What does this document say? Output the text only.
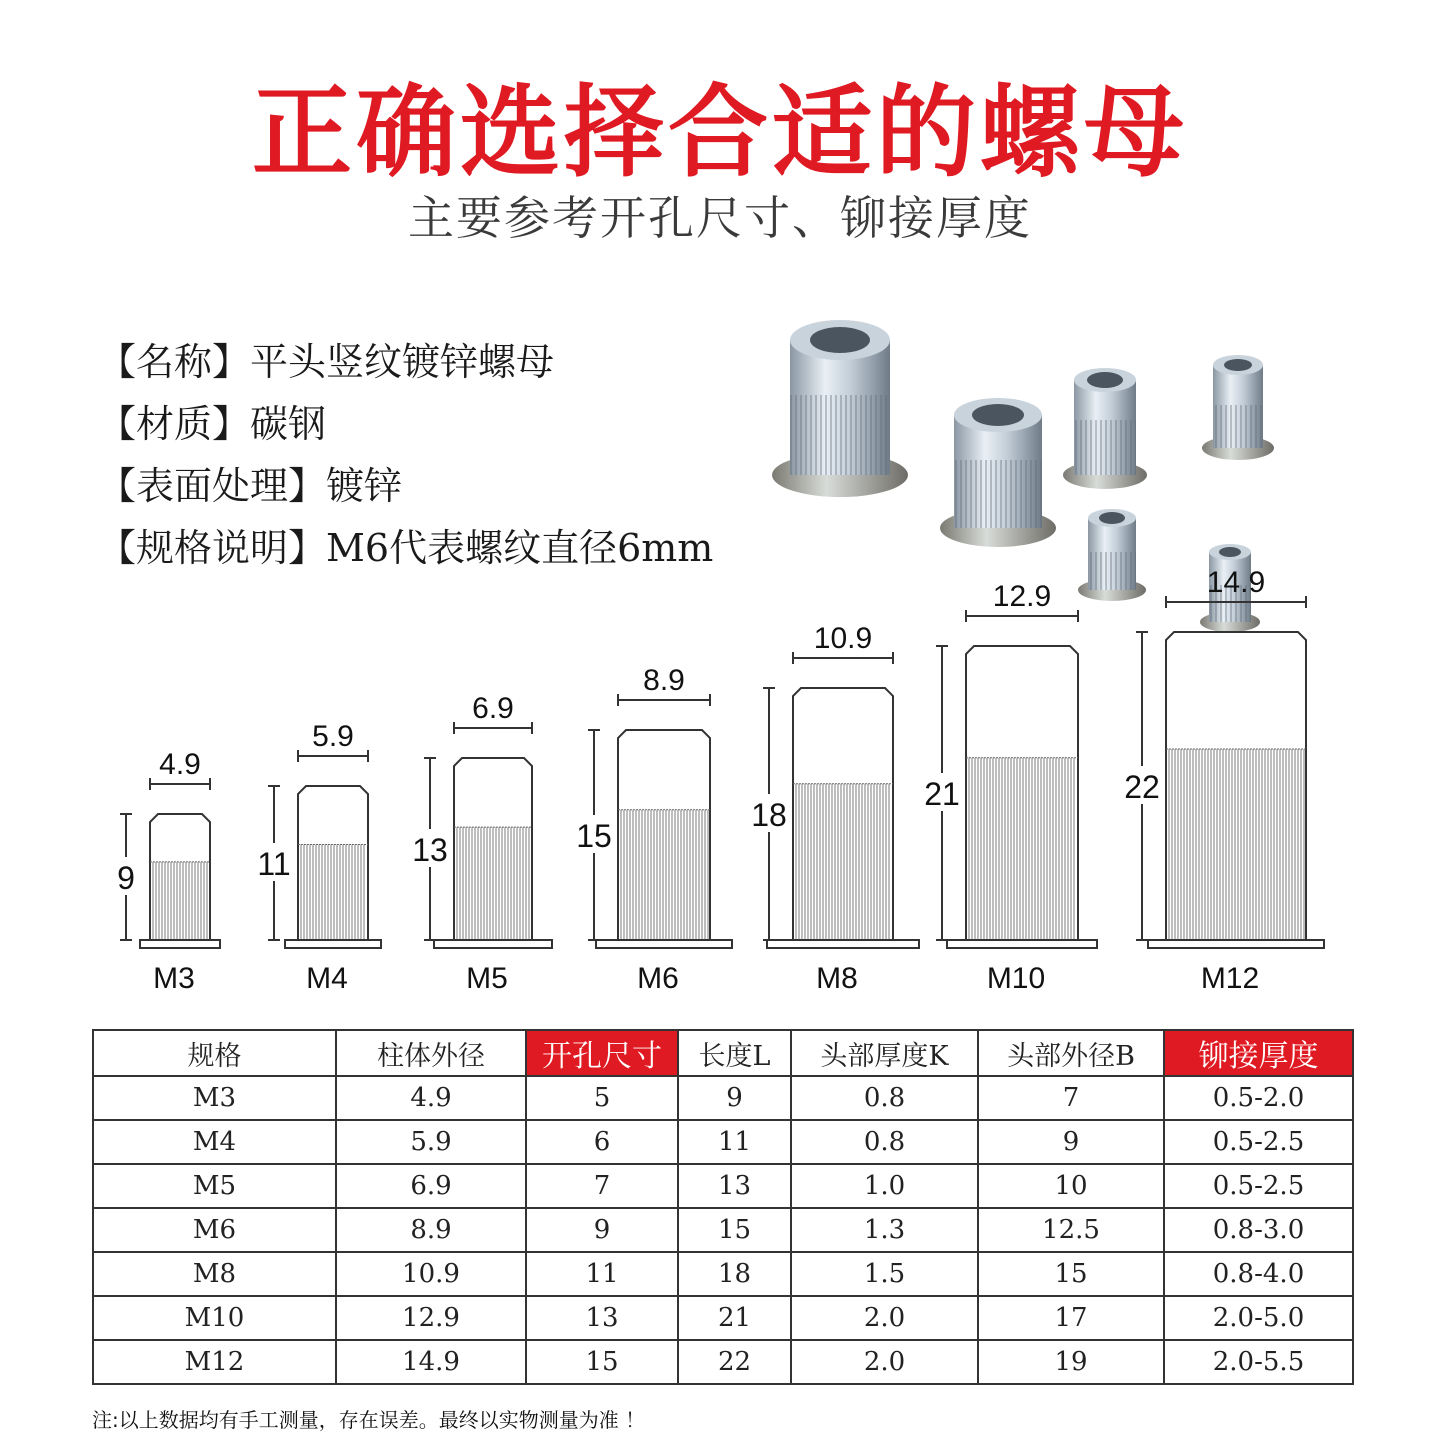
正确选择合适的螺母
主要参考开孔尺寸、铆接厚度
【名称】平头竖纹镀锌螺母
【材质】碳钢
【表面处理】镀锌
【规格说明】M6代表螺纹直径6mm
4.9
9
M3
5.9
11
M4
6.9
13
M5
8.9
15
M6
10.9
18
M8
12.9
21
M10
14.9
22
M12
规格	柱体外径	开孔尺寸	长度L	头部厚度K	头部外径B	铆接厚度
M3	4.9	5	9	0.8	7	0.5-2.0
M4	5.9	6	11	0.8	9	0.5-2.5
M5	6.9	7	13	1.0	10	0.5-2.5
M6	8.9	9	15	1.3	12.5	0.8-3.0
M8	10.9	11	18	1.5	15	0.8-4.0
M10	12.9	13	21	2.0	17	2.0-5.0
M12	14.9	15	22	2.0	19	2.0-5.5
注:以上数据均有手工测量，存在误差。最终以实物测量为准 ！
